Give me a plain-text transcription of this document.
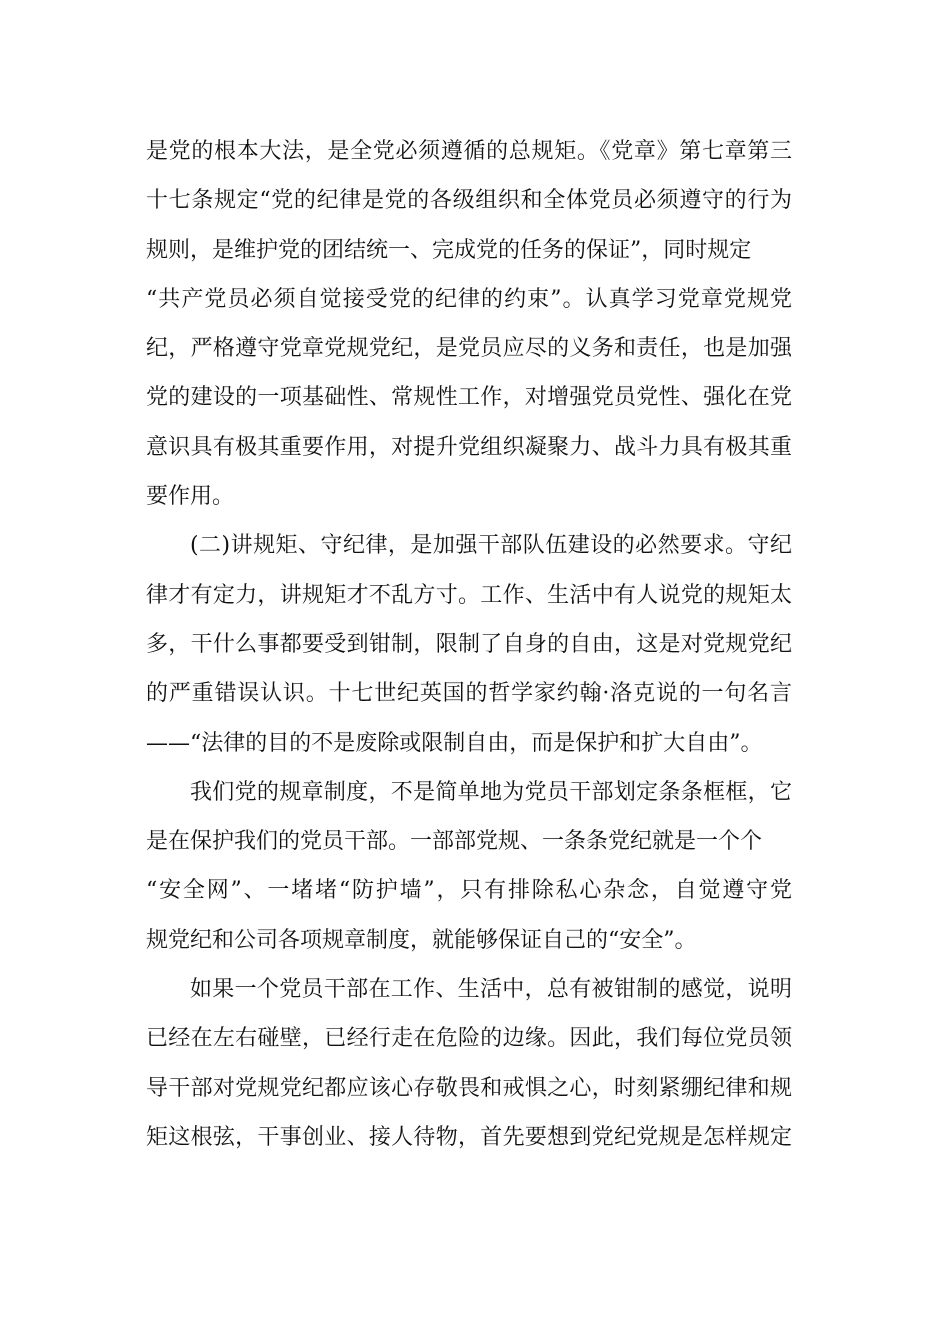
是党的根本大法，是全党必须遵循的总规矩。《党章》第七章第三
十七条规定“党的纪律是党的各级组织和全体党员必须遵守的行为
规则，是维护党的团结统一、完成党的任务的保证”，同时规定
“共产党员必须自觉接受党的纪律的约束”。认真学习党章党规党
纪，严格遵守党章党规党纪，是党员应尽的义务和责任，也是加强
党的建设的一项基础性、常规性工作，对增强党员党性、强化在党
意识具有极其重要作用，对提升党组织凝聚力、战斗力具有极其重
要作用。
(二)讲规矩、守纪律，是加强干部队伍建设的必然要求。守纪
律才有定力，讲规矩才不乱方寸。工作、生活中有人说党的规矩太
多，干什么事都要受到钳制，限制了自身的自由，这是对党规党纪
的严重错误认识。十七世纪英国的哲学家约翰·洛克说的一句名言
——“法律的目的不是废除或限制自由，而是保护和扩大自由”。
我们党的规章制度，不是简单地为党员干部划定条条框框，它
是在保护我们的党员干部。一部部党规、一条条党纪就是一个个
“安全网”、一堵堵“防护墙”，只有排除私心杂念，自觉遵守党
规党纪和公司各项规章制度，就能够保证自己的“安全”。
如果一个党员干部在工作、生活中，总有被钳制的感觉，说明
已经在左右碰壁，已经行走在危险的边缘。因此，我们每位党员领
导干部对党规党纪都应该心存敬畏和戒惧之心，时刻紧绷纪律和规
矩这根弦，干事创业、接人待物，首先要想到党纪党规是怎样规定
